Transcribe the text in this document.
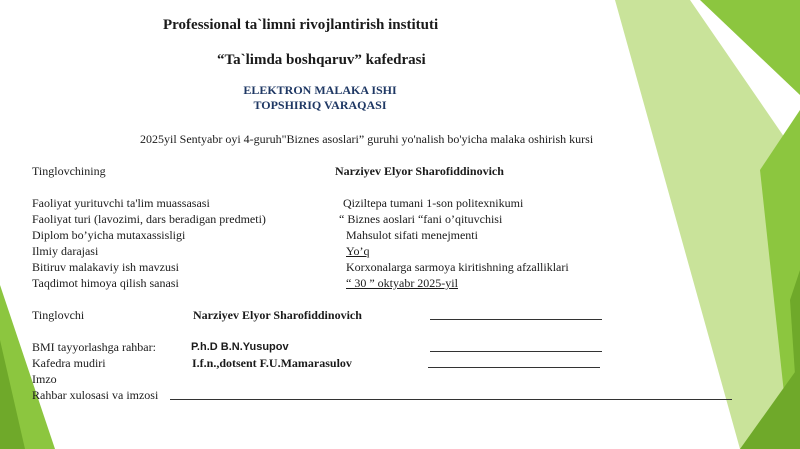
Professional ta`limni rivojlantirish instituti
“Ta`limda boshqaruv” kafedrasi
ELEKTRON MALAKA ISHI
TOPSHIRIQ VARAQASI
2025yil Sentyabr oyi 4-guruh"Biznes asoslari” guruhi yo'nalish bo'yicha malaka oshirish kursi
Tinglovchining	Narziyev Elyor Sharofiddinovich
Faoliyat yurituvchi ta'lim muassasasi	Qiziltepa tumani 1-son politexnikumi
Faoliyat turi (lavozimi, dars beradigan predmeti)	“ Biznes aoslari “fani o’qituvchisi
Diplom bo’yicha mutaxassisligi	Mahsulot sifati menejmenti
Ilmiy darajasi	Yo’q
Bitiruv malakaviy ish mavzusi	Korxonalarga sarmoya kiritishning afzalliklari
Taqdimot himoya qilish sanasi	“ 30 ” oktyabr 2025-yil
Tinglovchi	Narziyev Elyor Sharofiddinovich
BMI tayyorlashga rahbar:	P.h.D B.N.Yusupov
Kafedra mudiri	I.f.n.,dotsent F.U.Mamarasulov
Imzo
Rahbar xulosasi va imzosi
